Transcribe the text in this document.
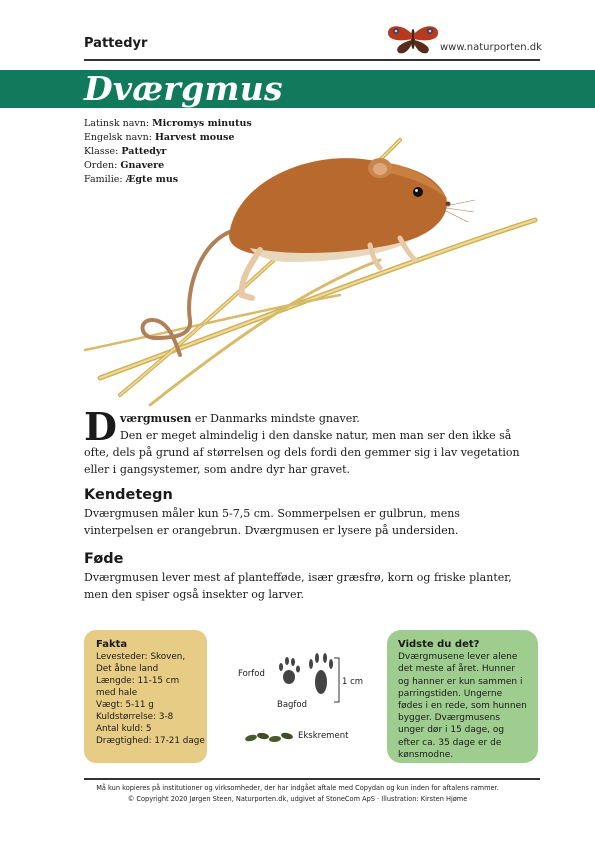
Pattedyr	www.naturporten.dk
Dværgmus
Latinsk navn: Micromys minutus
Engelsk navn: Harvest mouse
Klasse: Pattedyr
Orden: Gnavere
Familie: Ægte mus
Dværgmusen er Danmarks mindste gnaver.
Den er meget almindelig i den danske natur, men man ser den ikke så ofte, dels på grund af størrelsen og dels fordi den gemmer sig i lav vegetation eller i gangsystemer, som andre dyr har gravet.
Kendetegn
Dværgmusen måler kun 5-7,5 cm. Sommerpelsen er gulbrun, mens vinterpelsen er orangebrun. Dværgmusen er lysere på undersiden.
Føde
Dværgmusen lever mest af plantefføde, især græsfrø, korn og friske planter, men den spiser også insekter og larver.
Fakta
Levesteder: Skoven,
Det åbne land
Længde: 11-15 cm
med hale
Vægt: 5-11 g
Kuldstørrelse: 3-8
Antal kuld: 5
Drægtighed: 17-21 dage
Forfod
1 cm
Bagfod
Ekskrement
Vidste du det?
Dværgmusene lever alene det meste af året. Hunner og hanner er kun sammen i parringstiden. Ungerne fødes i en rede, som hunnen bygger. Dværgmusens unger dør i 15 dage, og efter ca. 35 dage er de kønsmodne.
Må kun kopieres på institutioner og virksomheder, der har indgået aftale med Copydan og kun inden for aftalens rammer.
© Copyright 2020 Jørgen Steen, Naturporten.dk, udgivet af StoneCom ApS · Illustration: Kirsten Hjøme
